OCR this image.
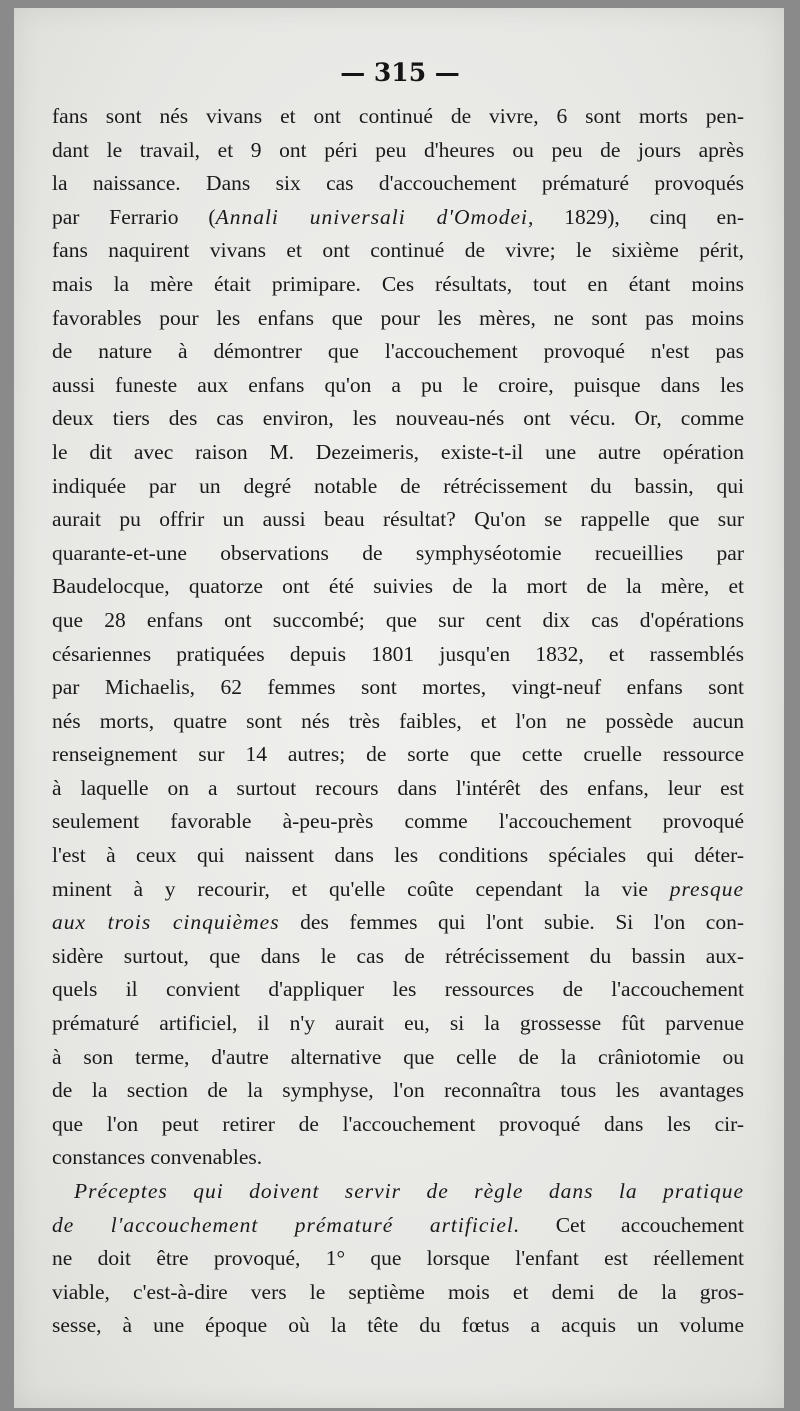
— 315 —
fans sont nés vivans et ont continué de vivre, 6 sont morts pen-
dant le travail, et 9 ont péri peu d'heures ou peu de jours après
la naissance. Dans six cas d'accouchement prématuré provoqués
par Ferrario (Annali universali d'Omodei, 1829), cinq en-
fans naquirent vivans et ont continué de vivre; le sixième périt,
mais la mère était primipare. Ces résultats, tout en étant moins
favorables pour les enfans que pour les mères, ne sont pas moins
de nature à démontrer que l'accouchement provoqué n'est pas
aussi funeste aux enfans qu'on a pu le croire, puisque dans les
deux tiers des cas environ, les nouveau-nés ont vécu. Or, comme
le dit avec raison M. Dezeimeris, existe-t-il une autre opération
indiquée par un degré notable de rétrécissement du bassin, qui
aurait pu offrir un aussi beau résultat? Qu'on se rappelle que sur
quarante-et-une observations de symphyséotomie recueillies par
Baudelocque, quatorze ont été suivies de la mort de la mère, et
que 28 enfans ont succombé; que sur cent dix cas d'opérations
césariennes pratiquées depuis 1801 jusqu'en 1832, et rassemblés
par Michaelis, 62 femmes sont mortes, vingt-neuf enfans sont
nés morts, quatre sont nés très faibles, et l'on ne possède aucun
renseignement sur 14 autres; de sorte que cette cruelle ressource
à laquelle on a surtout recours dans l'intérêt des enfans, leur est
seulement favorable à-peu-près comme l'accouchement provoqué
l'est à ceux qui naissent dans les conditions spéciales qui déter-
minent à y recourir, et qu'elle coûte cependant la vie presque
aux trois cinquièmes des femmes qui l'ont subie. Si l'on con-
sidère surtout, que dans le cas de rétrécissement du bassin aux-
quels il convient d'appliquer les ressources de l'accouchement
prématuré artificiel, il n'y aurait eu, si la grossesse fût parvenue
à son terme, d'autre alternative que celle de la crâniotomie ou
de la section de la symphyse, l'on reconnaîtra tous les avantages
que l'on peut retirer de l'accouchement provoqué dans les cir-
constances convenables.
Préceptes qui doivent servir de règle dans la pratique
de l'accouchement prématuré artificiel. Cet accouchement
ne doit être provoqué, 1° que lorsque l'enfant est réellement
viable, c'est-à-dire vers le septième mois et demi de la gros-
sesse, à une époque où la tête du fœtus a acquis un volume
